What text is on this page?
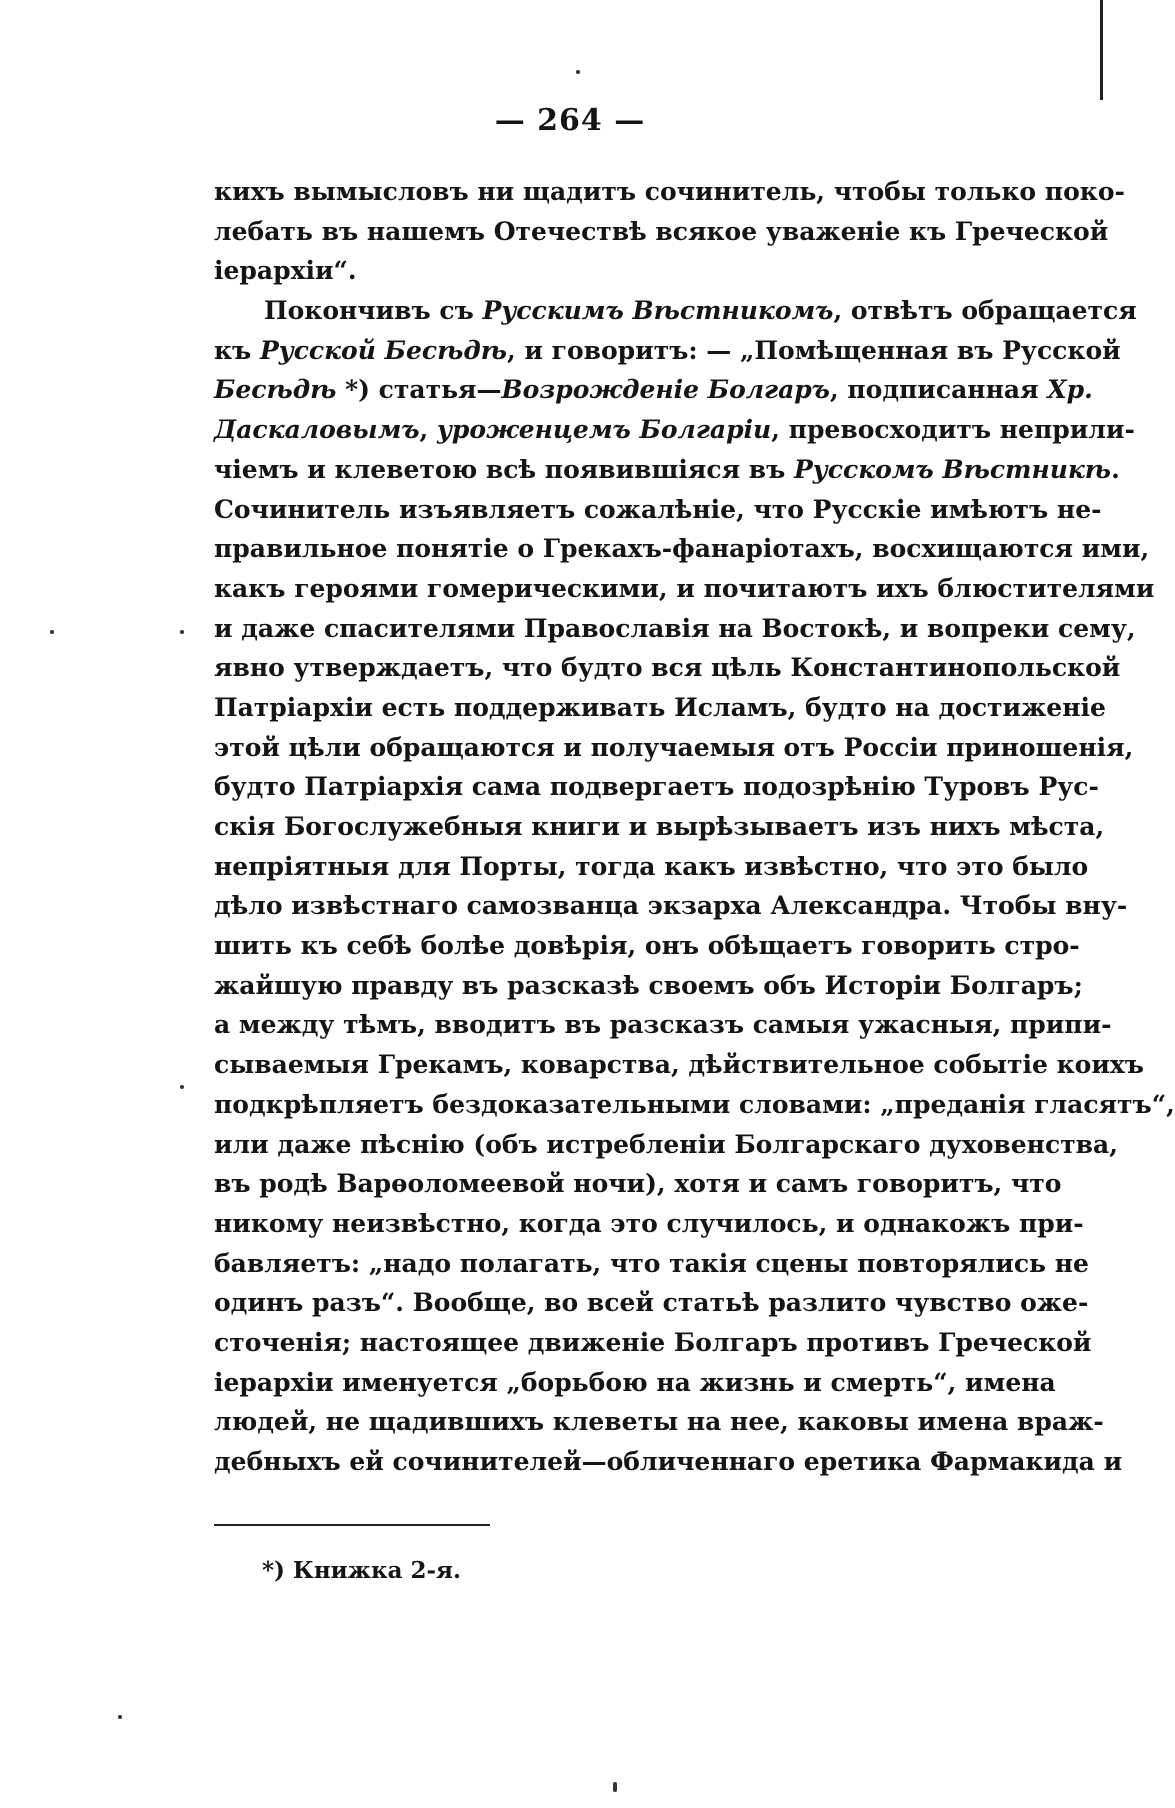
— 264 —
кихъ вымысловъ ни щадитъ сочинитель, чтобы только поко-
лебать въ нашемъ Отечествѣ всякое уваженіе къ Греческой
іерархіи“.
Покончивъ съ Русскимъ Вѣстникомъ, отвѣтъ обращается
къ Русской Бесѣдѣ, и говоритъ: — „Помѣщенная въ Русской
Бесѣдѣ *) статья—Возрожденіе Болгаръ, подписанная Хр.
Даскаловымъ, уроженцемъ Болгаріи, превосходитъ неприли-
чіемъ и клеветою всѣ появившіяся въ Русскомъ Вѣстникѣ.
Сочинитель изъявляетъ сожалѣніе, что Русскіе имѣютъ не-
правильное понятіе о Грекахъ-фанаріотахъ, восхищаются ими,
какъ героями гомерическими, и почитаютъ ихъ блюстителями
и даже спасителями Православія на Востокѣ, и вопреки сему,
явно утверждаетъ, что будто вся цѣль Константинопольской
Патріархіи есть поддерживать Исламъ, будто на достиженіе
этой цѣли обращаются и получаемыя отъ Россіи приношенія,
будто Патріархія сама подвергаетъ подозрѣнію Туровъ Рус-
скія Богослужебныя книги и вырѣзываетъ изъ нихъ мѣста,
непріятныя для Порты, тогда какъ извѣстно, что это было
дѣло извѣстнаго самозванца экзарха Александра. Чтобы вну-
шить къ себѣ болѣе довѣрія, онъ обѣщаетъ говорить стро-
жайшую правду въ разсказѣ своемъ объ Исторіи Болгаръ;
а между тѣмъ, вводитъ въ разсказъ самыя ужасныя, припи-
сываемыя Грекамъ, коварства, дѣйствительное событіе коихъ
подкрѣпляетъ бездоказательными словами: „преданія гласятъ“,
или даже пѣснію (объ истребленіи Болгарскаго духовенства,
въ родѣ Варѳоломеевой ночи), хотя и самъ говоритъ, что
никому неизвѣстно, когда это случилось, и однакожъ при-
бавляетъ: „надо полагать, что такія сцены повторялись не
одинъ разъ“. Вообще, во всей статьѣ разлито чувство оже-
сточенія; настоящее движеніе Болгаръ противъ Греческой
іерархіи именуется „борьбою на жизнь и смерть“, имена
людей, не щадившихъ клеветы на нее, каковы имена враж-
дебныхъ ей сочинителей—обличеннаго еретика Фармакида и
*) Книжка 2-я.
